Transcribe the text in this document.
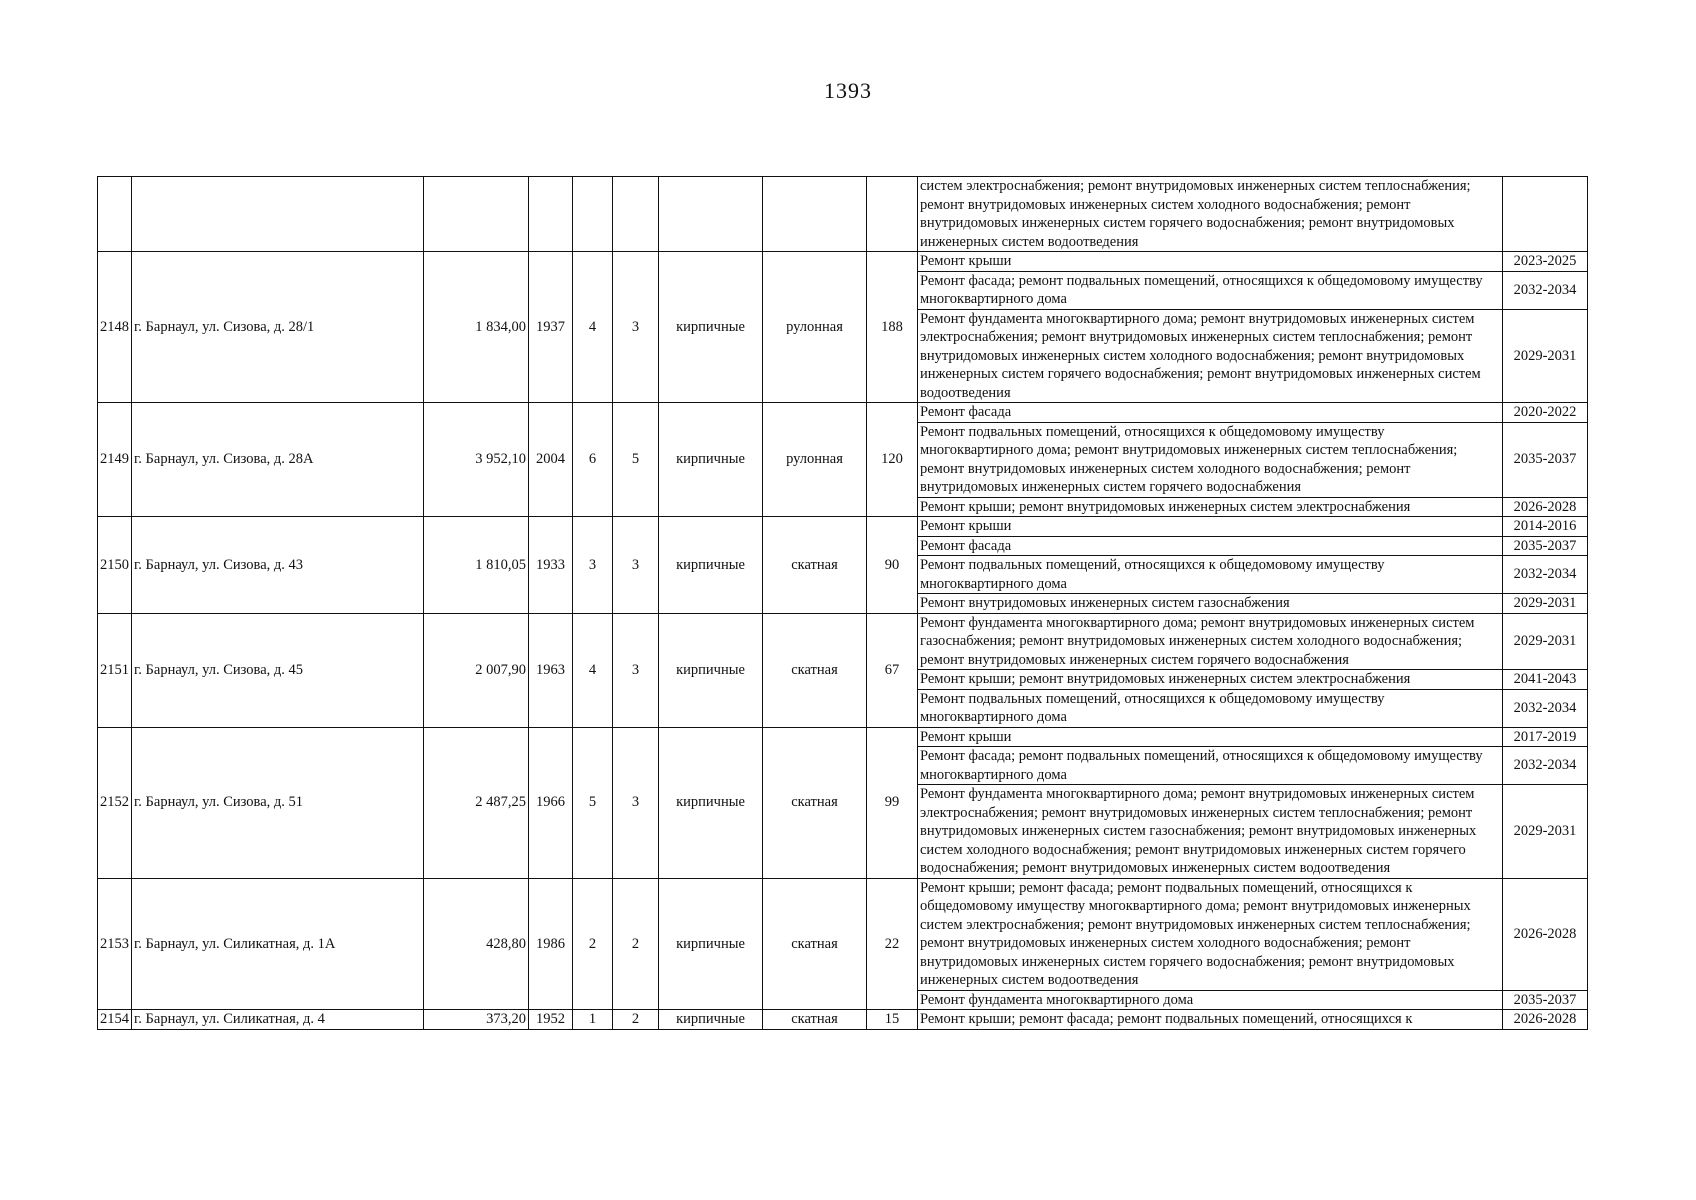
1393
									систем электроснабжения; ремонт внутридомовых инженерных систем теплоснабжения; ремонт внутридомовых инженерных систем холодного водоснабжения; ремонт внутридомовых инженерных систем горячего водоснабжения; ремонт внутридомовых инженерных систем водоотведения	
2148	г. Барнаул, ул. Сизова, д. 28/1	1 834,00	1937	4	3	кирпичные	рулонная	188	Ремонт крыши	2023-2025
									Ремонт фасада; ремонт подвальных помещений, относящихся к общедомовому имуществу многоквартирного дома	2032-2034
									Ремонт фундамента многоквартирного дома; ремонт внутридомовых инженерных систем электроснабжения; ремонт внутридомовых инженерных систем теплоснабжения; ремонт внутридомовых инженерных систем холодного водоснабжения; ремонт внутридомовых инженерных систем горячего водоснабжения; ремонт внутридомовых инженерных систем водоотведения	2029-2031
2149	г. Барнаул, ул. Сизова, д. 28А	3 952,10	2004	6	5	кирпичные	рулонная	120	Ремонт фасада	2020-2022
									Ремонт подвальных помещений, относящихся к общедомовому имуществу многоквартирного дома; ремонт внутридомовых инженерных систем теплоснабжения; ремонт внутридомовых инженерных систем холодного водоснабжения; ремонт внутридомовых инженерных систем горячего водоснабжения	2035-2037
									Ремонт крыши; ремонт внутридомовых инженерных систем электроснабжения	2026-2028
2150	г. Барнаул, ул. Сизова, д. 43	1 810,05	1933	3	3	кирпичные	скатная	90	Ремонт крыши	2014-2016
									Ремонт фасада	2035-2037
									Ремонт подвальных помещений, относящихся к общедомовому имуществу многоквартирного дома	2032-2034
									Ремонт внутридомовых инженерных систем газоснабжения	2029-2031
2151	г. Барнаул, ул. Сизова, д. 45	2 007,90	1963	4	3	кирпичные	скатная	67	Ремонт фундамента многоквартирного дома; ремонт внутридомовых инженерных систем газоснабжения; ремонт внутридомовых инженерных систем холодного водоснабжения; ремонт внутридомовых инженерных систем горячего водоснабжения	2029-2031
									Ремонт крыши; ремонт внутридомовых инженерных систем электроснабжения	2041-2043
									Ремонт подвальных помещений, относящихся к общедомовому имуществу многоквартирного дома	2032-2034
2152	г. Барнаул, ул. Сизова, д. 51	2 487,25	1966	5	3	кирпичные	скатная	99	Ремонт крыши	2017-2019
									Ремонт фасада; ремонт подвальных помещений, относящихся к общедомовому имуществу многоквартирного дома	2032-2034
									Ремонт фундамента многоквартирного дома; ремонт внутридомовых инженерных систем электроснабжения; ремонт внутридомовых инженерных систем теплоснабжения; ремонт внутридомовых инженерных систем газоснабжения; ремонт внутридомовых инженерных систем холодного водоснабжения; ремонт внутридомовых инженерных систем горячего водоснабжения; ремонт внутридомовых инженерных систем водоотведения	2029-2031
2153	г. Барнаул, ул. Силикатная, д. 1А	428,80	1986	2	2	кирпичные	скатная	22	Ремонт крыши; ремонт фасада; ремонт подвальных помещений, относящихся к общедомовому имуществу многоквартирного дома; ремонт внутридомовых инженерных систем электроснабжения; ремонт внутридомовых инженерных систем теплоснабжения; ремонт внутридомовых инженерных систем холодного водоснабжения; ремонт внутридомовых инженерных систем горячего водоснабжения; ремонт внутридомовых инженерных систем водоотведения	2026-2028
									Ремонт фундамента многоквартирного дома	2035-2037
2154	г. Барнаул, ул. Силикатная, д. 4	373,20	1952	1	2	кирпичные	скатная	15	Ремонт крыши; ремонт фасада; ремонт подвальных помещений, относящихся к	2026-2028
